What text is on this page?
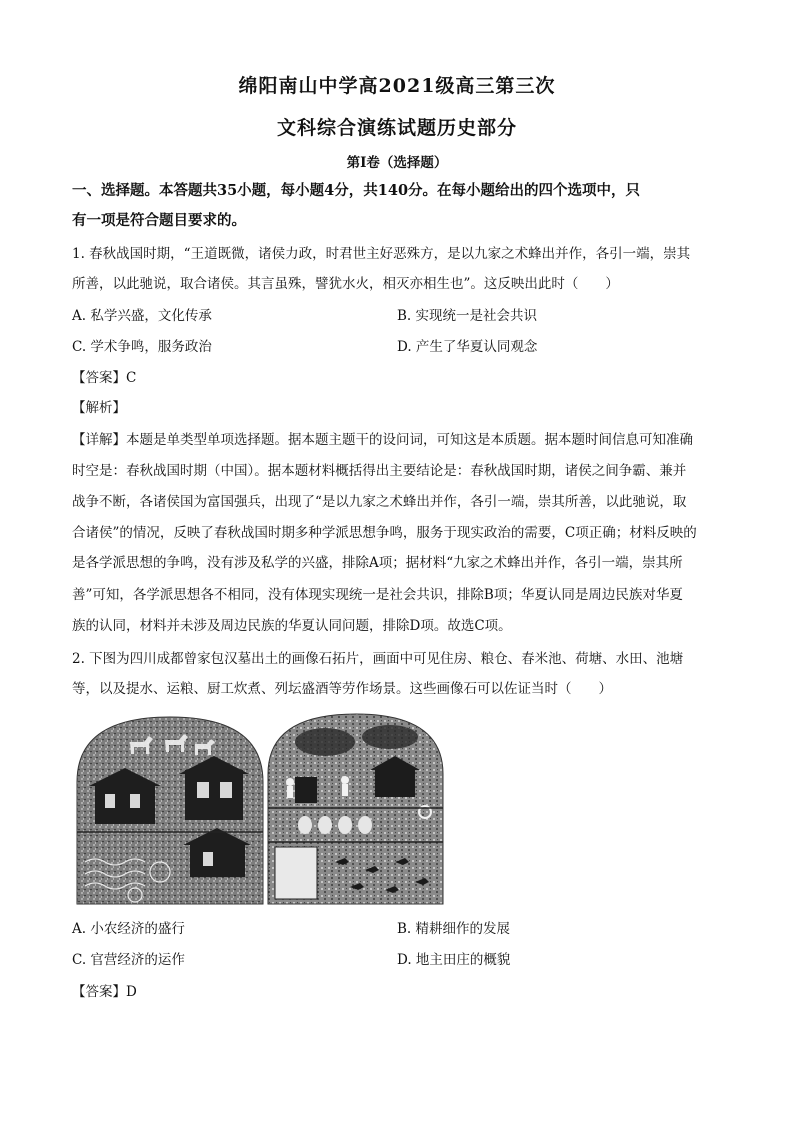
绵阳南山中学高2021级高三第三次
文科综合演练试题历史部分
第Ⅰ卷（选择题）
一、选择题。本答题共35小题，每小题4分，共140分。在每小题给出的四个选项中，只
有一项是符合题目要求的。
1. 春秋战国时期，“王道既微，诸侯力政，时君世主好恶殊方，是以九家之术蜂出并作，各引一端，崇其
所善，以此驰说，取合诸侯。其言虽殊，譬犹水火，相灭亦相生也”。这反映出此时（　　）
A. 私学兴盛，文化传承	B. 实现统一是社会共识
C. 学术争鸣，服务政治	D. 产生了华夏认同观念
【答案】C
【解析】
【详解】本题是单类型单项选择题。据本题主题干的设问词，可知这是本质题。据本题时间信息可知准确
时空是：春秋战国时期（中国）。据本题材料概括得出主要结论是：春秋战国时期，诸侯之间争霸、兼并
战争不断，各诸侯国为富国强兵，出现了“是以九家之术蜂出并作，各引一端，崇其所善，以此驰说，取
合诸侯”的情况，反映了春秋战国时期多种学派思想争鸣，服务于现实政治的需要，C项正确；材料反映的
是各学派思想的争鸣，没有涉及私学的兴盛，排除A项；据材料“九家之术蜂出并作，各引一端，崇其所
善”可知，各学派思想各不相同，没有体现实现统一是社会共识，排除B项；华夏认同是周边民族对华夏
族的认同，材料并未涉及周边民族的华夏认同问题，排除D项。故选C项。
2. 下图为四川成都曾家包汉墓出土的画像石拓片，画面中可见住房、粮仓、春米池、荷塘、水田、池塘
等，以及提水、运粮、厨工炊煮、列坛盛酒等劳作场景。这些画像石可以佐证当时（　　）
A. 小农经济的盛行	B. 精耕细作的发展
C. 官营经济的运作	D. 地主田庄的概貌
【答案】D
